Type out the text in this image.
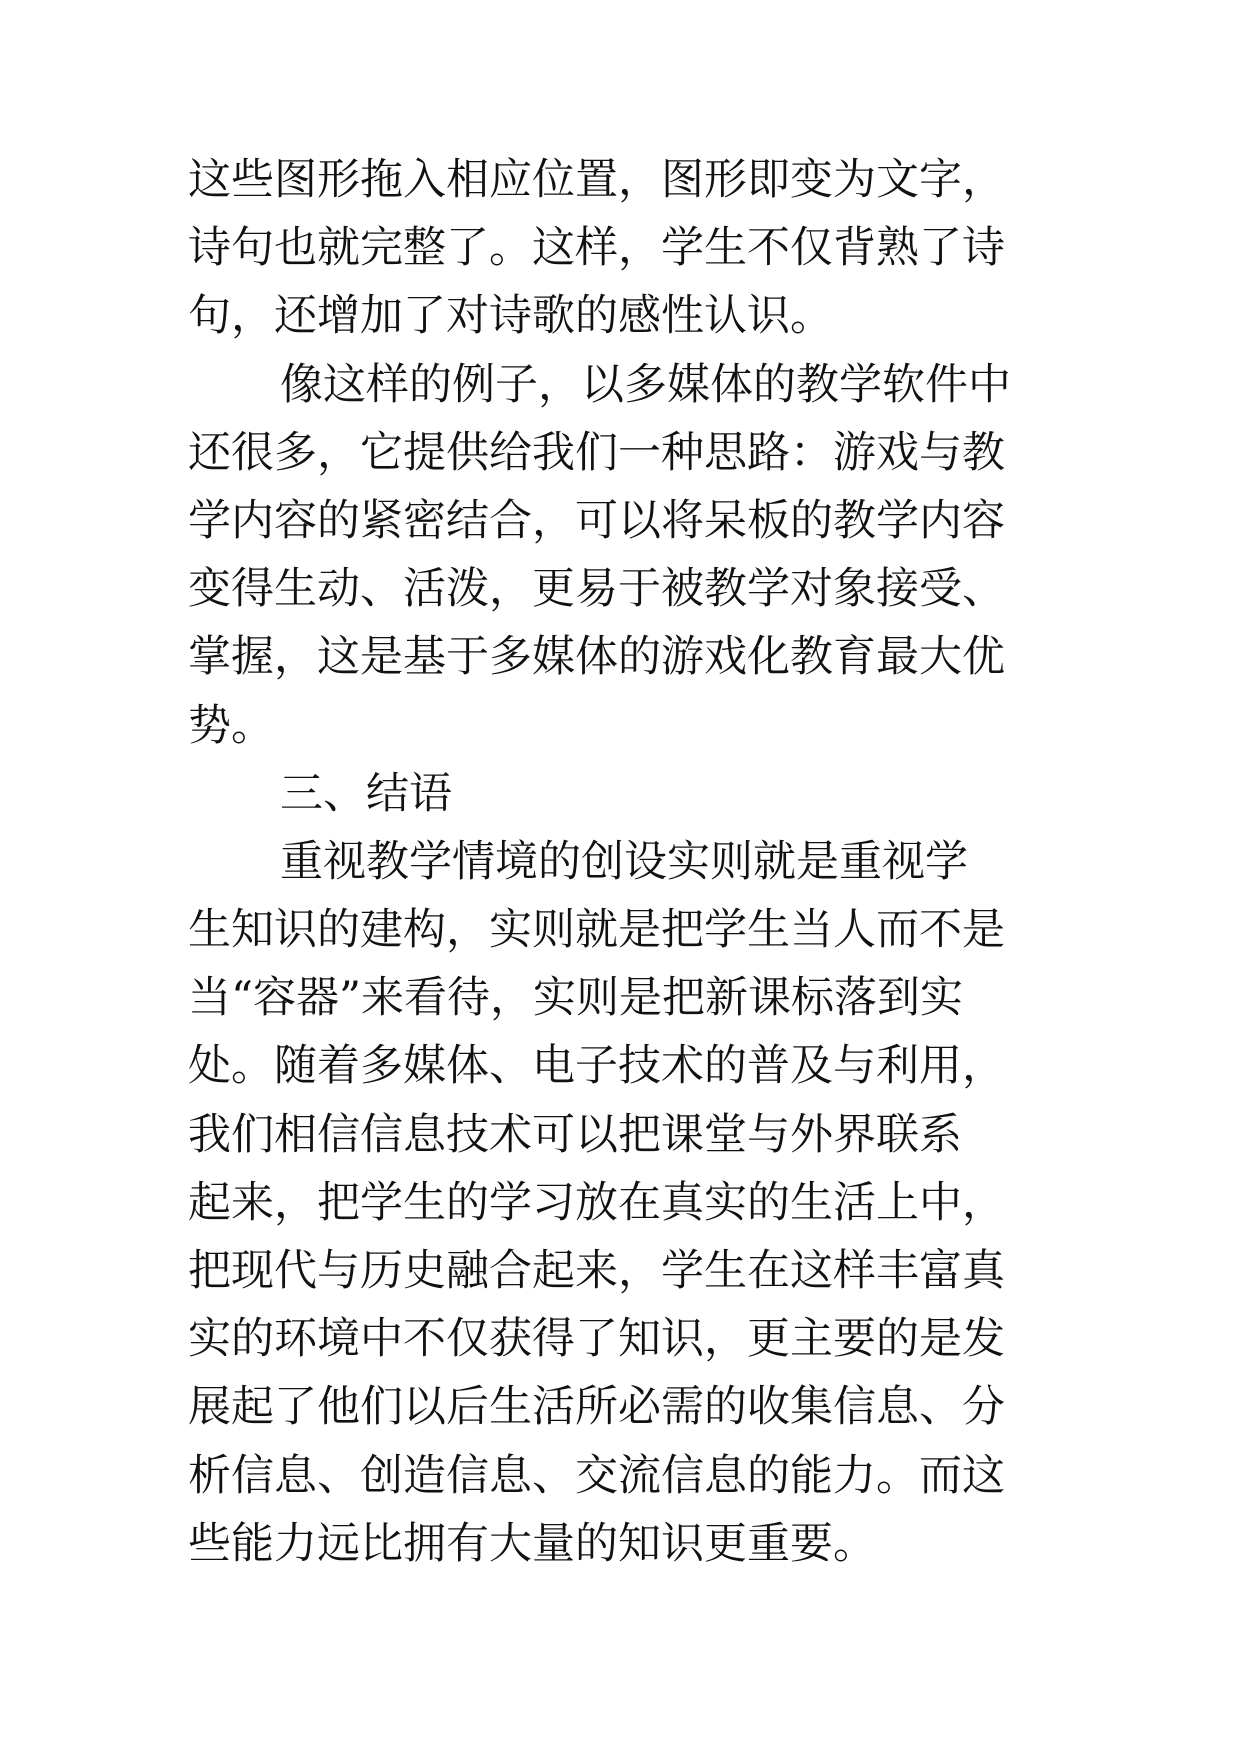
这些图形拖入相应位置，图形即变为文字，
诗句也就完整了。这样，学生不仅背熟了诗
句，还增加了对诗歌的感性认识。
像这样的例子，以多媒体的教学软件中
还很多，它提供给我们一种思路：游戏与教
学内容的紧密结合，可以将呆板的教学内容
变得生动、活泼，更易于被教学对象接受、
掌握，这是基于多媒体的游戏化教育最大优
势。
三、结语
重视教学情境的创设实则就是重视学
生知识的建构，实则就是把学生当人而不是
当“容器”来看待，实则是把新课标落到实
处。随着多媒体、电子技术的普及与利用，
我们相信信息技术可以把课堂与外界联系
起来，把学生的学习放在真实的生活上中，
把现代与历史融合起来，学生在这样丰富真
实的环境中不仅获得了知识，更主要的是发
展起了他们以后生活所必需的收集信息、分
析信息、创造信息、交流信息的能力。而这
些能力远比拥有大量的知识更重要。
